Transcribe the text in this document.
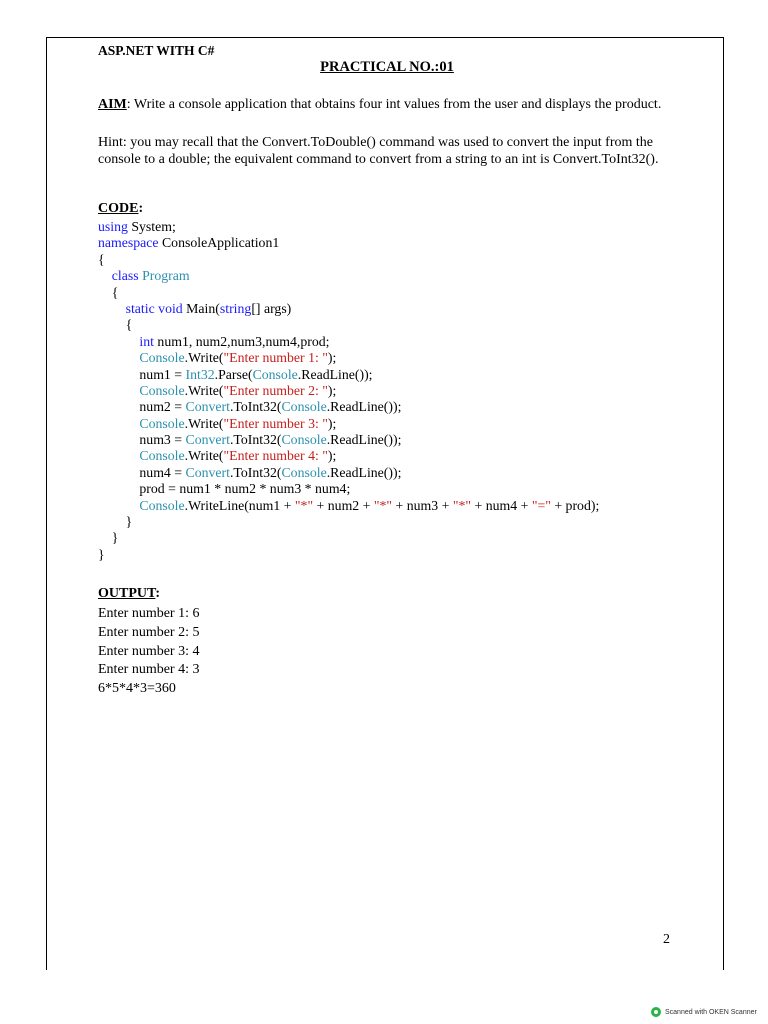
ASP.NET WITH C#
PRACTICAL NO.:01
AIM: Write a console application that obtains four int values from the user and displays the product.
Hint: you may recall that the Convert.ToDouble() command was used to convert the input from the console to a double; the equivalent command to convert from a string to an int is Convert.ToInt32().
CODE:
using System;
namespace ConsoleApplication1
{
class Program
{
static void Main(string[] args)
{
int num1, num2,num3,num4,prod;
Console.Write("Enter number 1: ");
num1 = Int32.Parse(Console.ReadLine());
Console.Write("Enter number 2: ");
num2 = Convert.ToInt32(Console.ReadLine());
Console.Write("Enter number 3: ");
num3 = Convert.ToInt32(Console.ReadLine());
Console.Write("Enter number 4: ");
num4 = Convert.ToInt32(Console.ReadLine());
prod = num1 * num2 * num3 * num4;
Console.WriteLine(num1 + "*" + num2 + "*" + num3 + "*" + num4 + "=" + prod);
}
}
}
OUTPUT:
Enter number 1: 6
Enter number 2: 5
Enter number 3: 4
Enter number 4: 3
6*5*4*3=360
2
Scanned with OKEN Scanner
